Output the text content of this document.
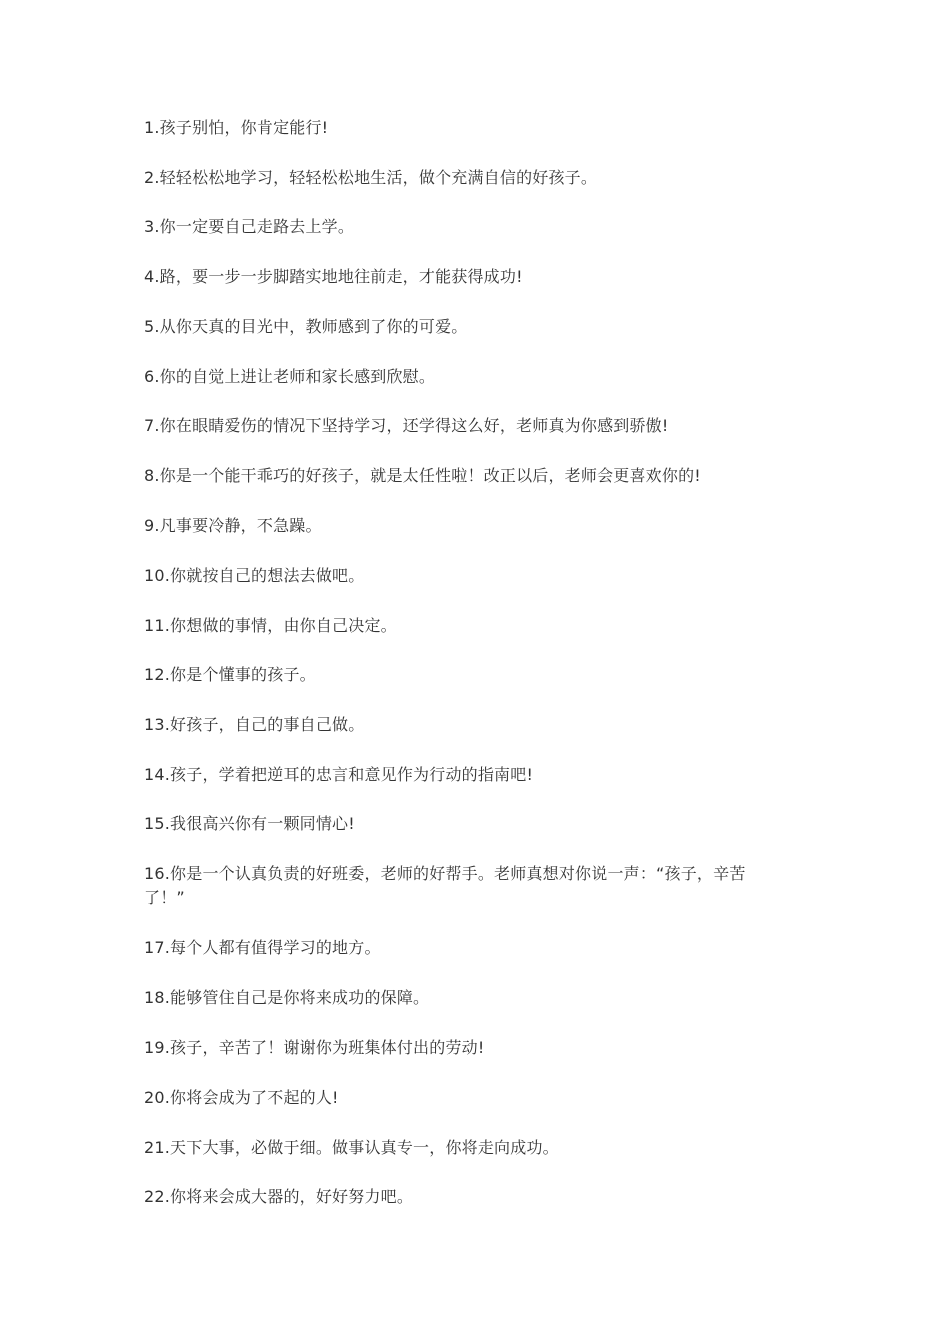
1.孩子别怕，你肯定能行!

2.轻轻松松地学习，轻轻松松地生活，做个充满自信的好孩子。

3.你一定要自己走路去上学。

4.路，要一步一步脚踏实地地往前走，才能获得成功!

5.从你天真的目光中，教师感到了你的可爱。

6.你的自觉上进让老师和家长感到欣慰。

7.你在眼睛爱伤的情况下坚持学习，还学得这么好，老师真为你感到骄傲!

8.你是一个能干乖巧的好孩子，就是太任性啦！改正以后，老师会更喜欢你的!

9.凡事要冷静，不急躁。

10.你就按自己的想法去做吧。

11.你想做的事情，由你自己决定。

12.你是个懂事的孩子。

13.好孩子，自己的事自己做。

14.孩子，学着把逆耳的忠言和意见作为行动的指南吧!

15.我很高兴你有一颗同情心!

16.你是一个认真负责的好班委，老师的好帮手。老师真想对你说一声：“孩子，辛苦了！”

17.每个人都有值得学习的地方。

18.能够管住自己是你将来成功的保障。

19.孩子，辛苦了！谢谢你为班集体付出的劳动!

20.你将会成为了不起的人!

21.天下大事，必做于细。做事认真专一，你将走向成功。

22.你将来会成大器的，好好努力吧。
